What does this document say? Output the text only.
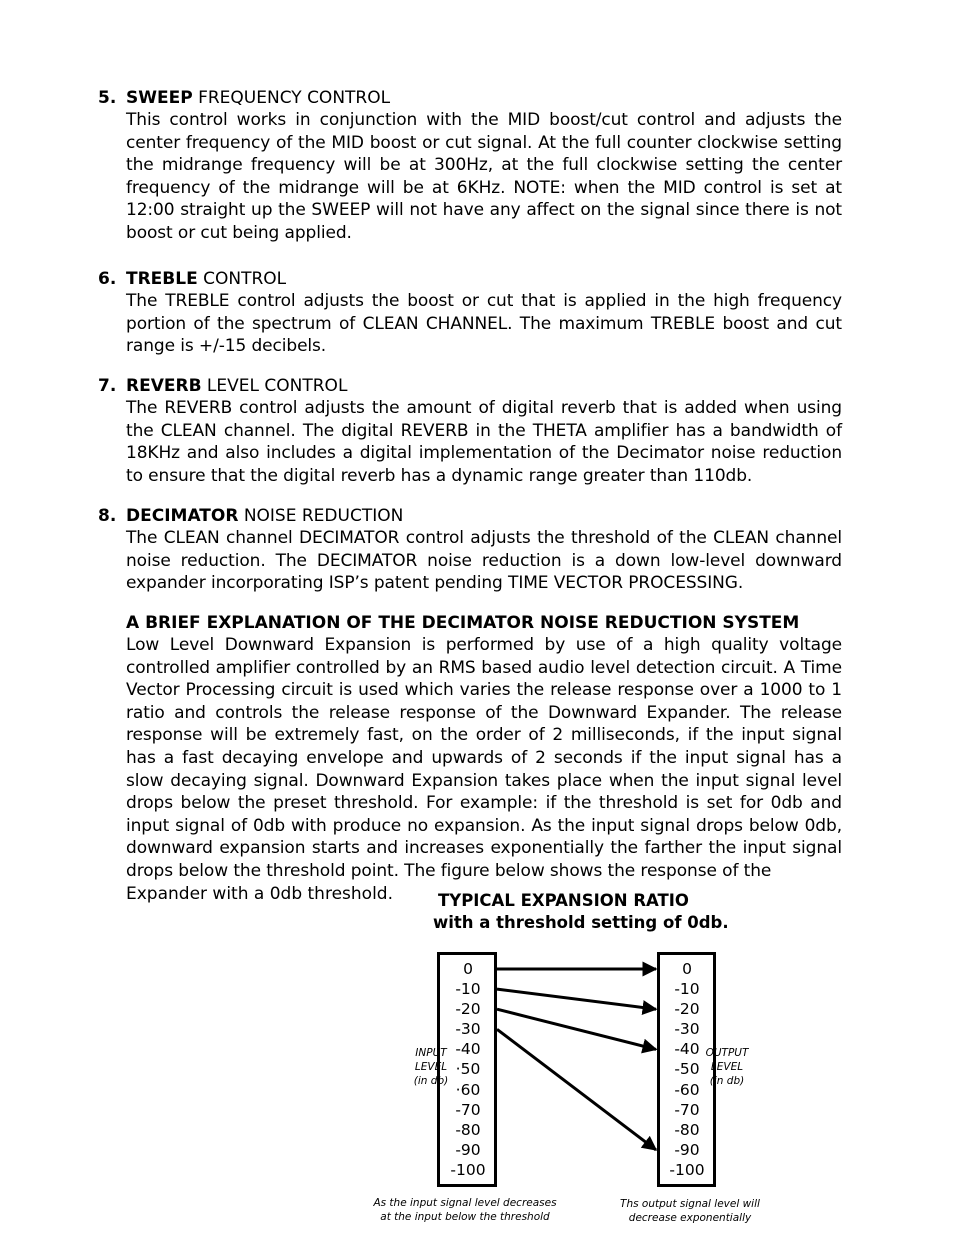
5. SWEEP FREQUENCY CONTROL
This control works in conjunction with the MID boost/cut control and adjusts the center frequency of the MID boost or cut signal. At the full counter clockwise setting the midrange frequency will be at 300Hz, at the full clockwise setting the center frequency of the midrange will be at 6KHz. NOTE: when the MID control is set at 12:00 straight up the SWEEP will not have any affect on the signal since there is not boost or cut being applied.
6. TREBLE CONTROL
The TREBLE control adjusts the boost or cut that is applied in the high frequency portion of the spectrum of CLEAN CHANNEL. The maximum TREBLE boost and cut range is +/-15 decibels.
7. REVERB LEVEL CONTROL
The REVERB control adjusts the amount of digital reverb that is added when using the CLEAN channel. The digital REVERB in the THETA amplifier has a bandwidth of 18KHz and also includes a digital implementation of the Decimator noise reduction to ensure that the digital reverb has a dynamic range greater than 110db.
8. DECIMATOR NOISE REDUCTION
The CLEAN channel DECIMATOR control adjusts the threshold of the CLEAN channel noise reduction. The DECIMATOR noise reduction is a down low-level downward expander incorporating ISP’s patent pending TIME VECTOR PROCESSING.
A BRIEF EXPLANATION OF THE DECIMATOR NOISE REDUCTION SYSTEM
Low Level Downward Expansion is performed by use of a high quality voltage controlled amplifier controlled by an RMS based audio level detection circuit. A Time Vector Processing circuit is used which varies the release response over a 1000 to 1 ratio and controls the release response of the Downward Expander. The release response will be extremely fast, on the order of 2 milliseconds, if the input signal has a fast decaying envelope and upwards of 2 seconds if the input signal has a slow decaying signal. Downward Expansion takes place when the input signal level drops below the preset threshold. For example: if the threshold is set for 0db and input signal of 0db with produce no expansion. As the input signal drops below 0db, downward expansion starts and increases exponentially the farther the input signal drops below the threshold point. The figure below shows the response of the
Expander with a 0db threshold.	TYPICAL EXPANSION RATIO
with a threshold setting of 0db.
0
-10
-20
-30
-40
·50
·60
-70
-80
-90
-100
0
-10
-20
-30
-40
-50
-60
-70
-80
-90
-100
INPUT
LEVEL
(in db)
OUTPUT
LEVEL
(in db)
As the input signal level decreases
at the input below the threshold
Ths output signal level will
decrease exponentially
